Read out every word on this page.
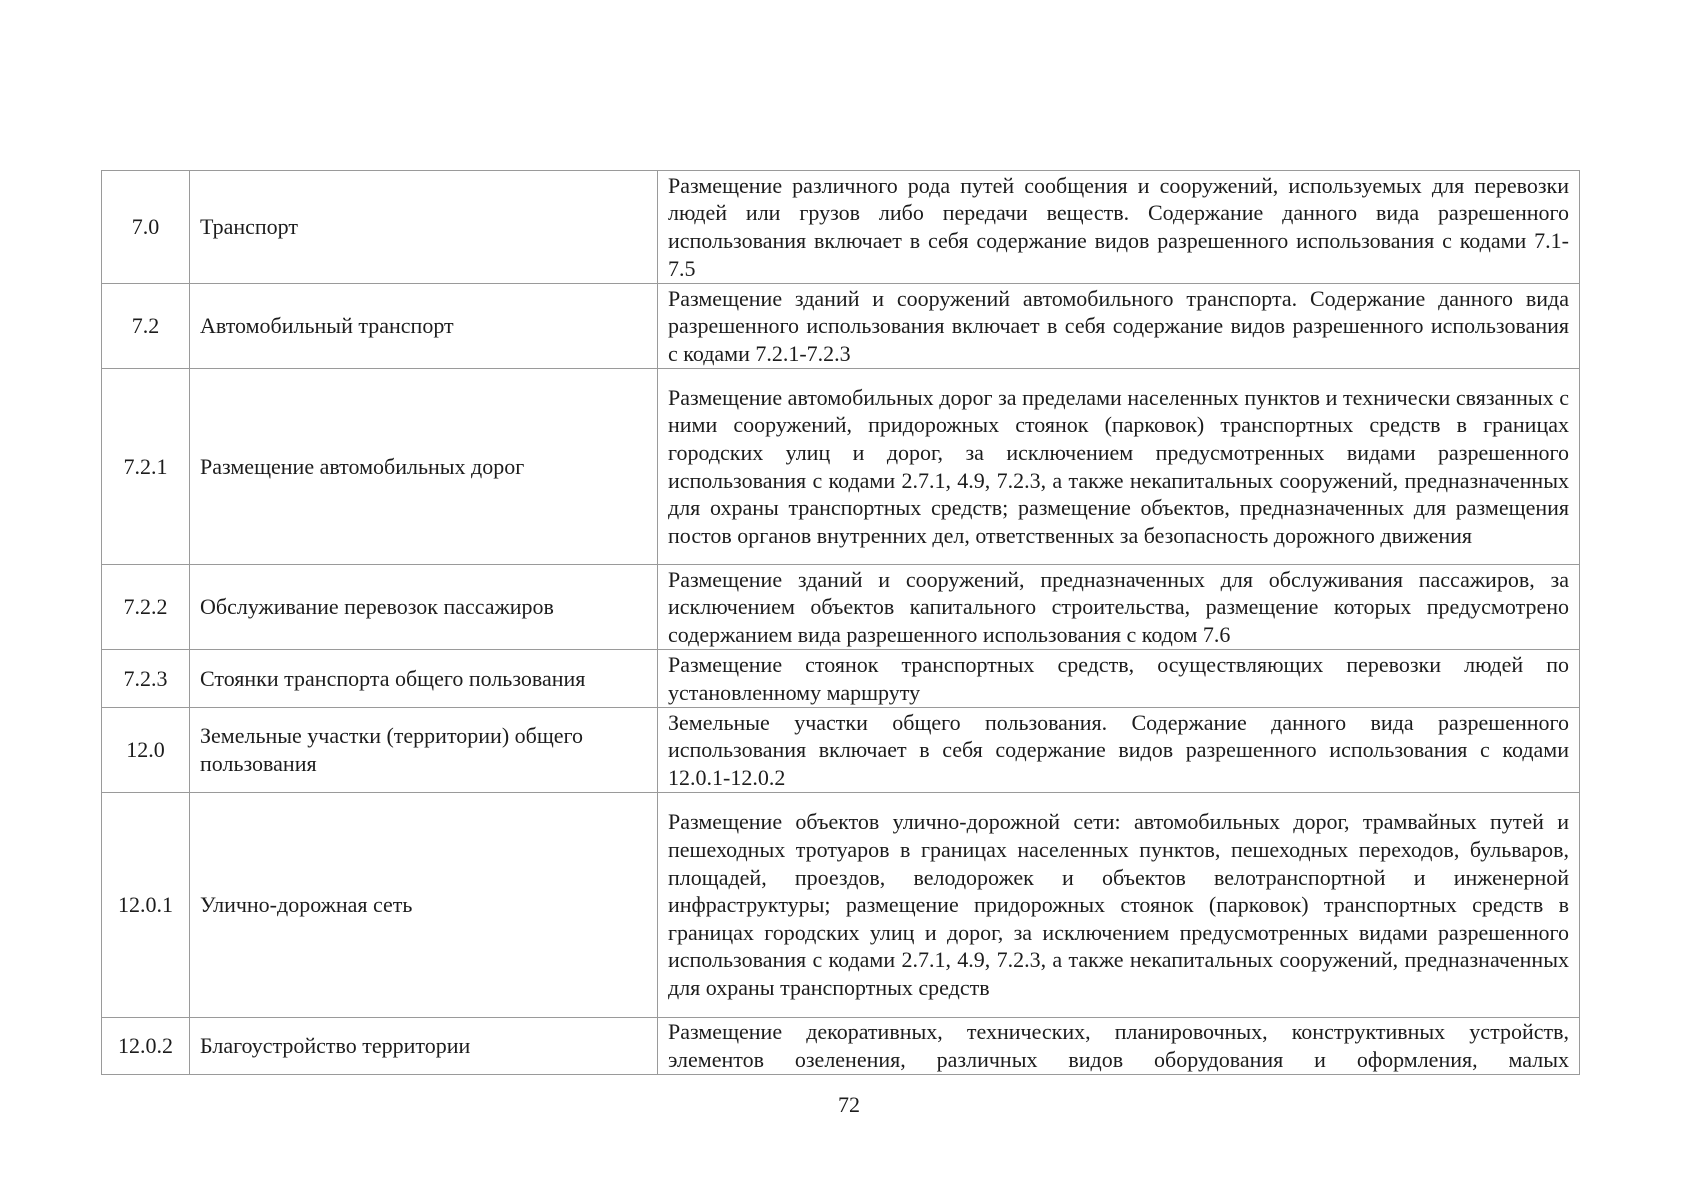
7.0	Транспорт	Размещение различного рода путей сообщения и сооружений, используемых для перевозки людей или грузов либо передачи веществ. Содержание данного вида разрешенного использования включает в себя содержание видов разрешенного использования с кодами 7.1-7.5
7.2	Автомобильный транспорт	Размещение зданий и сооружений автомобильного транспорта. Содержание данного вида разрешенного использования включает в себя содержание видов разрешенного использования с кодами 7.2.1-7.2.3
7.2.1	Размещение автомобильных дорог	Размещение автомобильных дорог за пределами населенных пунктов и технически связанных с ними сооружений, придорожных стоянок (парковок) транспортных средств в границах городских улиц и дорог, за исключением предусмотренных видами разрешенного использования с кодами 2.7.1, 4.9, 7.2.3, а также некапитальных сооружений, предназначенных для охраны транспортных средств; размещение объектов, предназначенных для размещения постов органов внутренних дел, ответственных за безопасность дорожного движения
7.2.2	Обслуживание перевозок пассажиров	Размещение зданий и сооружений, предназначенных для обслуживания пассажиров, за исключением объектов капитального строительства, размещение которых предусмотрено содержанием вида разрешенного использования с кодом 7.6
7.2.3	Стоянки транспорта общего пользования	Размещение стоянок транспортных средств, осуществляющих перевозки людей по установленному маршруту
12.0	Земельные участки (территории) общего пользования	Земельные участки общего пользования. Содержание данного вида разрешенного использования включает в себя содержание видов разрешенного использования с кодами 12.0.1-12.0.2
12.0.1	Улично-дорожная сеть	Размещение объектов улично-дорожной сети: автомобильных дорог, трамвайных путей и пешеходных тротуаров в границах населенных пунктов, пешеходных переходов, бульваров, площадей, проездов, велодорожек и объектов велотранспортной и инженерной инфраструктуры; размещение придорожных стоянок (парковок) транспортных средств в границах городских улиц и дорог, за исключением предусмотренных видами разрешенного использования с кодами 2.7.1, 4.9, 7.2.3, а также некапитальных сооружений, предназначенных для охраны транспортных средств
12.0.2	Благоустройство территории	Размещение декоративных, технических, планировочных, конструктивных устройств, элементов озеленения, различных видов оборудования и оформления, малых
72
